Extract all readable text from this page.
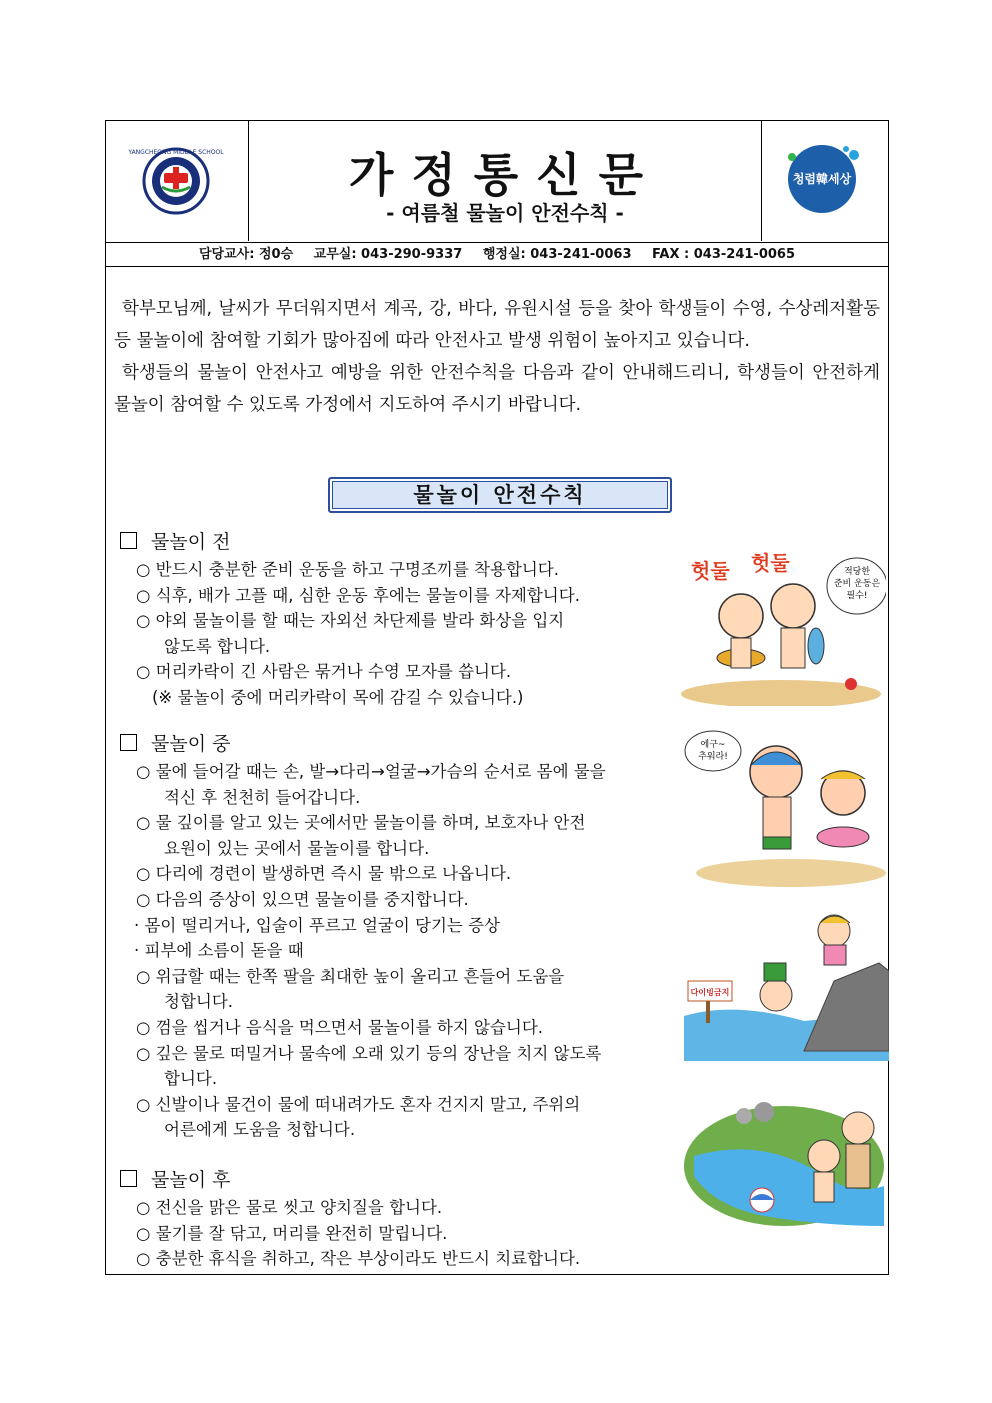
YANGCHEONG MIDDLE SCHOOL	가정통신문
- 여름철 물놀이 안전수칙 -
청렴韓세상
담당교사: 정0승 교무실: 043-290-9337 행정실: 043-241-0063 FAX : 043-241-0065

학부모님께, 날씨가 무더워지면서 계곡, 강, 바다, 유원시설 등을 찾아 학생들이 수영, 수상레저활동 등 물놀이에 참여할 기회가 많아짐에 따라 안전사고 발생 위험이 높아지고 있습니다.

학생들의 물놀이 안전사고 예방을 위한 안전수칙을 다음과 같이 안내해드리니, 학생들이 안전하게 물놀이 참여할 수 있도록 가정에서 지도하여 주시기 바랍니다.

물놀이 안전수칙
물놀이 전
○ 반드시 충분한 준비 운동을 하고 구명조끼를 착용합니다.
○ 식후, 배가 고플 때, 심한 운동 후에는 물놀이를 자제합니다.
○ 야외 물놀이를 할 때는 자외선 차단제를 발라 화상을 입지
않도록 합니다.
○ 머리카락이 긴 사람은 묶거나 수영 모자를 씁니다.
(※ 물놀이 중에 머리카락이 목에 감길 수 있습니다.)
물놀이 중
○ 물에 들어갈 때는 손, 발→다리→얼굴→가슴의 순서로 몸에 물을
적신 후 천천히 들어갑니다.
○ 물 깊이를 알고 있는 곳에서만 물놀이를 하며, 보호자나 안전
요원이 있는 곳에서 물놀이를 합니다.
○ 다리에 경련이 발생하면 즉시 물 밖으로 나옵니다.
○ 다음의 증상이 있으면 물놀이를 중지합니다.
· 몸이 떨리거나, 입술이 푸르고 얼굴이 당기는 증상
· 피부에 소름이 돋을 때
○ 위급할 때는 한쪽 팔을 최대한 높이 올리고 흔들어 도움을
청합니다.
○ 껌을 씹거나 음식을 먹으면서 물놀이를 하지 않습니다.
○ 깊은 물로 떠밀거나 물속에 오래 있기 등의 장난을 치지 않도록
합니다.
○ 신발이나 물건이 물에 떠내려가도 혼자 건지지 말고, 주위의
어른에게 도움을 청합니다.
물놀이 후
○ 전신을 맑은 물로 씻고 양치질을 합니다.
○ 물기를 잘 닦고, 머리를 완전히 말립니다.
○ 충분한 휴식을 취하고, 작은 부상이라도 반드시 치료합니다.
헛둘 헛둘	적당한 준비 운동은 필수!
에구~ 추워라!
다이빙금지
